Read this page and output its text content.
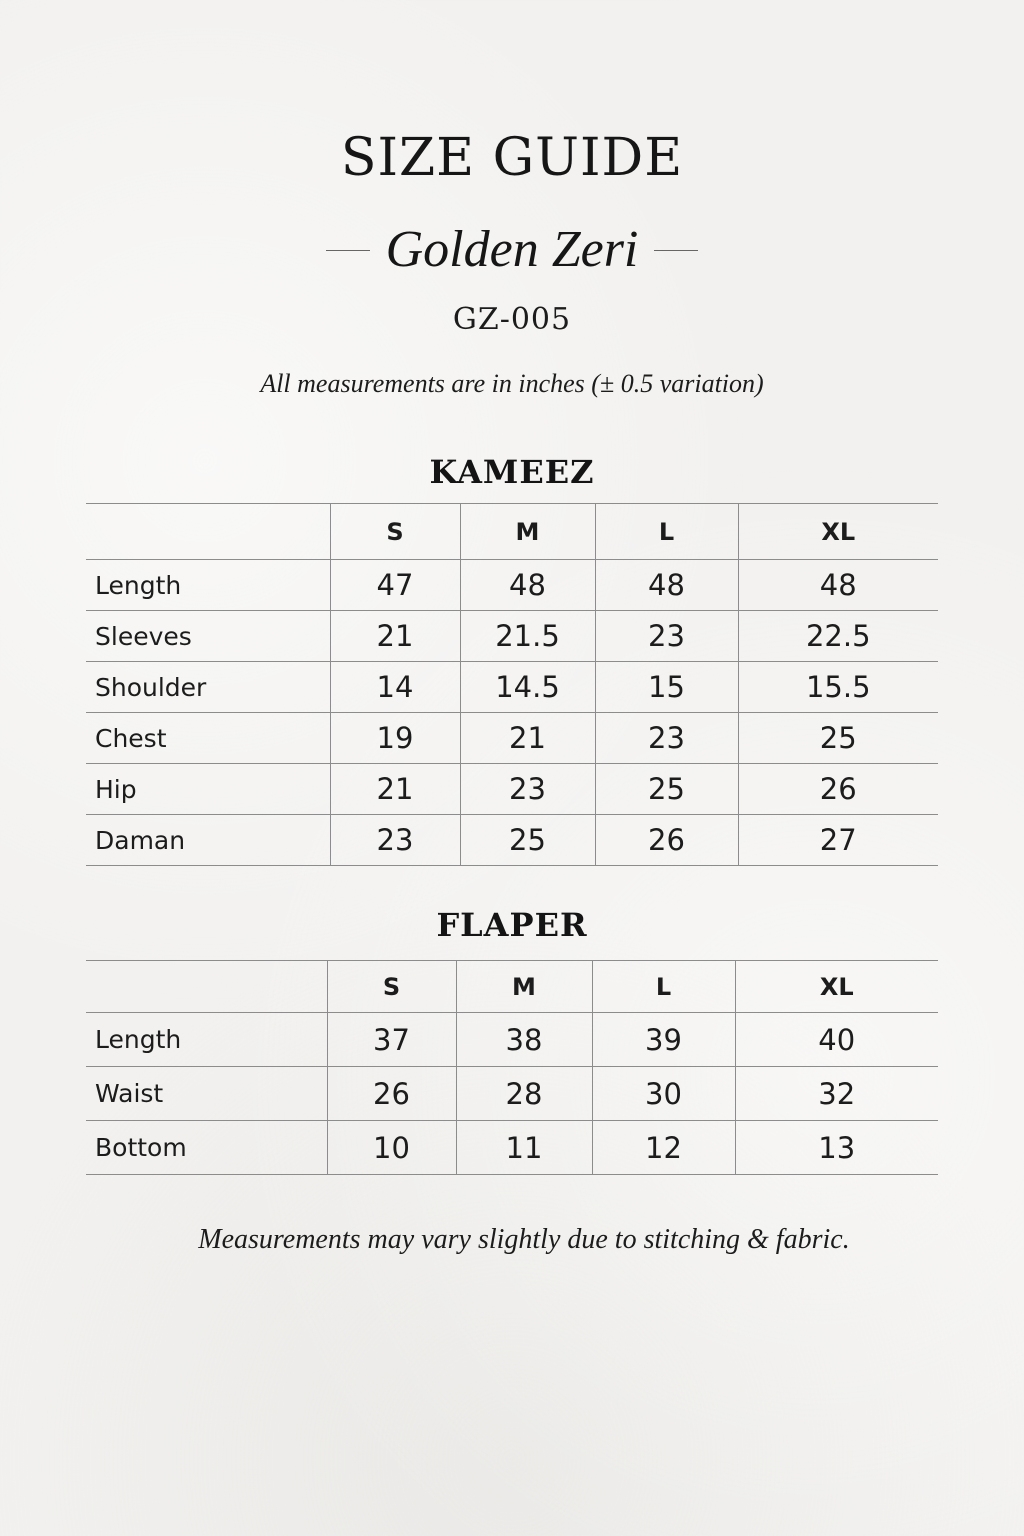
SIZE GUIDE
Golden Zeri
GZ-005
All measurements are in inches (± 0.5 variation)
KAMEEZ
	S	M	L	XL
Length	47	48	48	48
Sleeves	21	21.5	23	22.5
Shoulder	14	14.5	15	15.5
Chest	19	21	23	25
Hip	21	23	25	26
Daman	23	25	26	27
FLAPER
	S	M	L	XL
Length	37	38	39	40
Waist	26	28	30	32
Bottom	10	11	12	13
Measurements may vary slightly due to stitching & fabric.
